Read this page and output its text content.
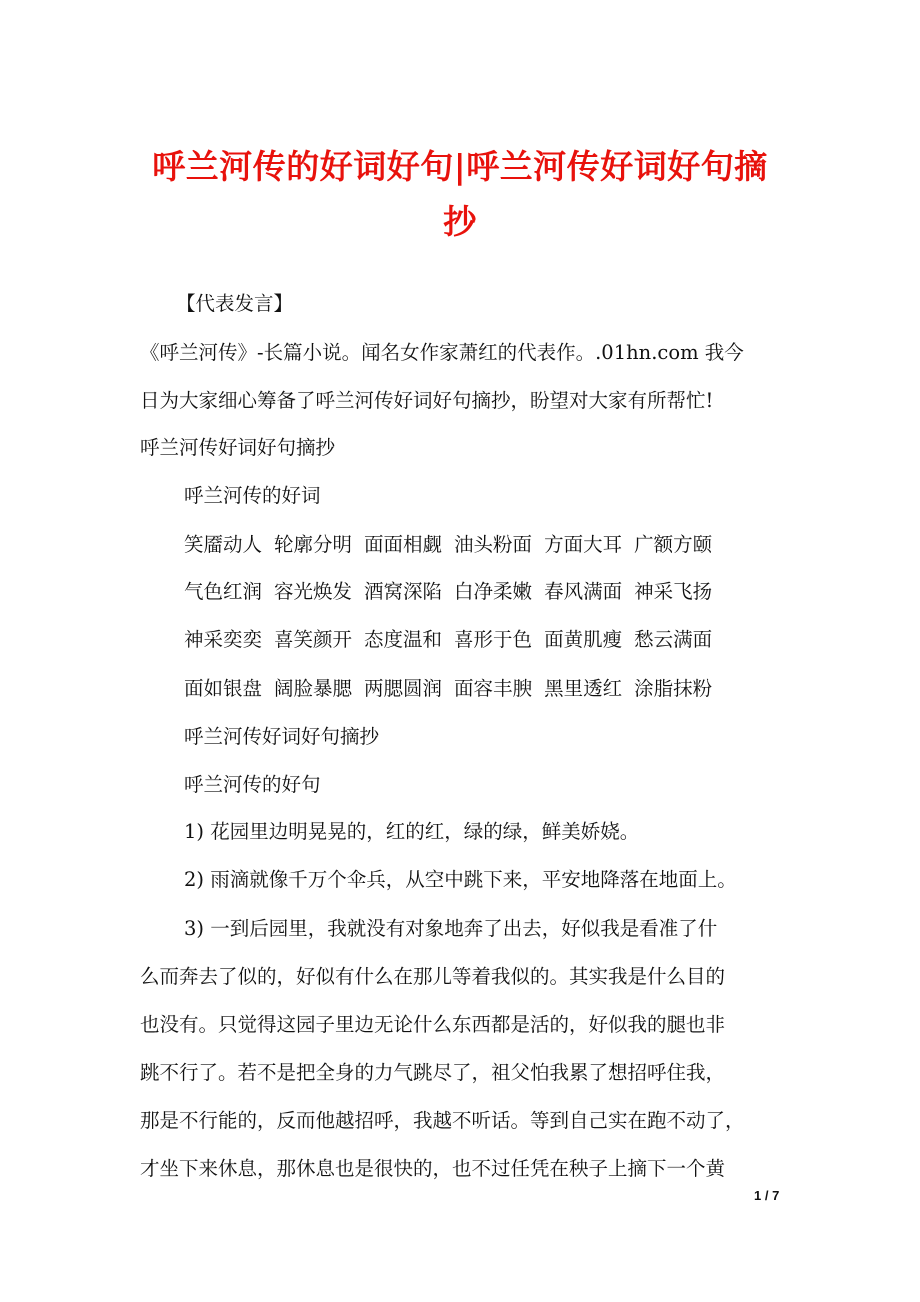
呼兰河传的好词好句|呼兰河传好词好句摘
抄
【代表发言】
《呼兰河传》-长篇小说。闻名女作家萧红的代表作。.01hn.com 我今
日为大家细心筹备了呼兰河传好词好句摘抄，盼望对大家有所帮忙!
呼兰河传好词好句摘抄
呼兰河传的好词
笑靥动人 轮廓分明 面面相觑 油头粉面 方面大耳 广额方颐
气色红润 容光焕发 酒窝深陷 白净柔嫩 春风满面 神采飞扬
神采奕奕 喜笑颜开 态度温和 喜形于色 面黄肌瘦 愁云满面
面如银盘 阔脸暴腮 两腮圆润 面容丰腴 黑里透红 涂脂抹粉
呼兰河传好词好句摘抄
呼兰河传的好句
1) 花园里边明晃晃的，红的红，绿的绿，鲜美娇娆。
2) 雨滴就像千万个伞兵，从空中跳下来，平安地降落在地面上。
3) 一到后园里，我就没有对象地奔了出去，好似我是看准了什
么而奔去了似的，好似有什么在那儿等着我似的。其实我是什么目的
也没有。只觉得这园子里边无论什么东西都是活的，好似我的腿也非
跳不行了。若不是把全身的力气跳尽了，祖父怕我累了想招呼住我，
那是不行能的，反而他越招呼，我越不听话。等到自己实在跑不动了，
才坐下来休息，那休息也是很快的，也不过任凭在秧子上摘下一个黄
1 / 7
